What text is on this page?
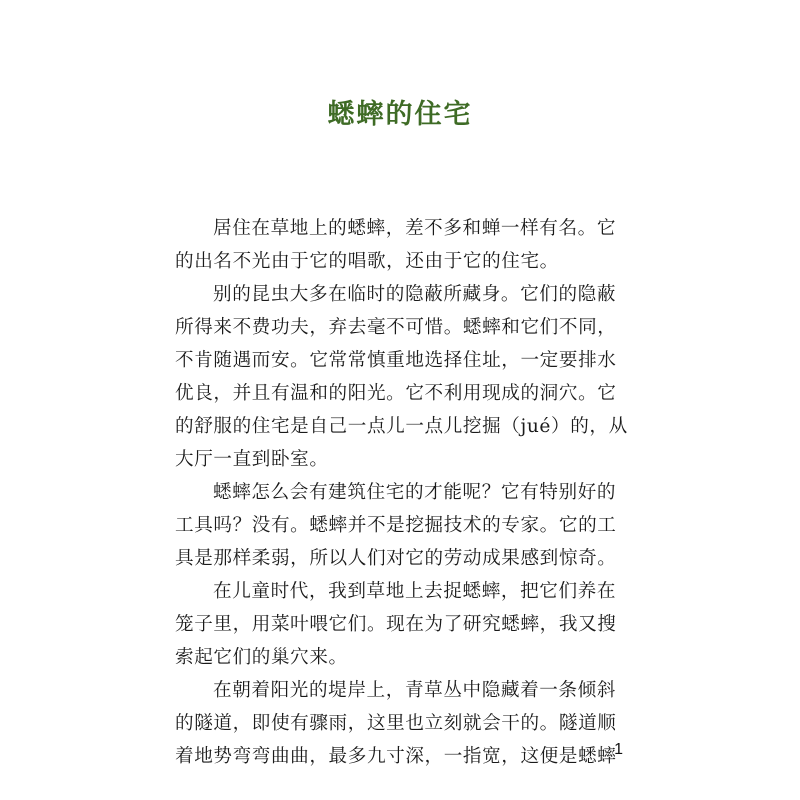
蟋蟀的住宅
居住在草地上的蟋蟀，差不多和蝉一样有名。它
的出名不光由于它的唱歌，还由于它的住宅。
别的昆虫大多在临时的隐蔽所藏身。它们的隐蔽
所得来不费功夫，弃去毫不可惜。蟋蟀和它们不同，
不肯随遇而安。它常常慎重地选择住址，一定要排水
优良，并且有温和的阳光。它不利用现成的洞穴。它
的舒服的住宅是自己一点儿一点儿挖掘（jué）的，从
大厅一直到卧室。
蟋蟀怎么会有建筑住宅的才能呢？它有特别好的
工具吗？没有。蟋蟀并不是挖掘技术的专家。它的工
具是那样柔弱，所以人们对它的劳动成果感到惊奇。
在儿童时代，我到草地上去捉蟋蟀，把它们养在
笼子里，用菜叶喂它们。现在为了研究蟋蟀，我又搜
索起它们的巢穴来。
在朝着阳光的堤岸上，青草丛中隐藏着一条倾斜
的隧道，即使有骤雨，这里也立刻就会干的。隧道顺
着地势弯弯曲曲，最多九寸深，一指宽，这便是蟋蟀
1
